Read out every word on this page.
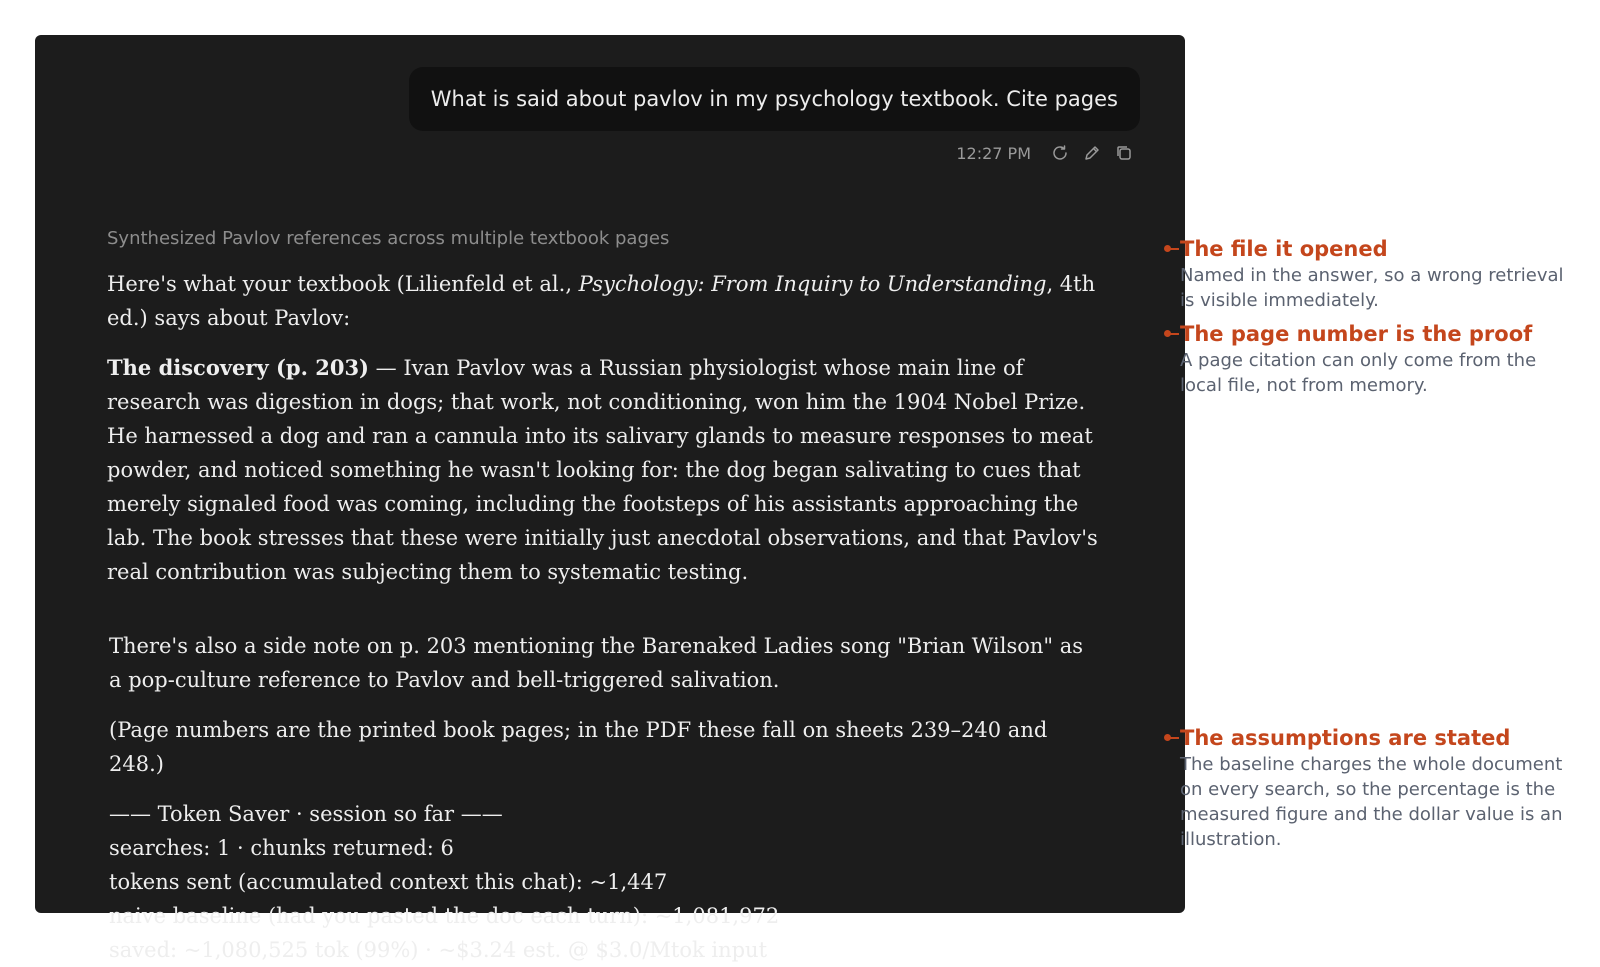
What is said about pavlov in my psychology textbook. Cite pages
12:27 PM
Synthesized Pavlov references across multiple textbook pages

Here's what your textbook (Lilienfeld et al., Psychology: From Inquiry to Understanding, 4th ed.) says about Pavlov:

The discovery (p. 203) — Ivan Pavlov was a Russian physiologist whose main line of research was digestion in dogs; that work, not conditioning, won him the 1904 Nobel Prize. He harnessed a dog and ran a cannula into its salivary glands to measure responses to meat powder, and noticed something he wasn't looking for: the dog began salivating to cues that merely signaled food was coming, including the footsteps of his assistants approaching the lab. The book stresses that these were initially just anecdotal observations, and that Pavlov's real contribution was subjecting them to systematic testing.

There's also a side note on p. 203 mentioning the Barenaked Ladies song "Brian Wilson" as a pop-culture reference to Pavlov and bell-triggered salivation.

(Page numbers are the printed book pages; in the PDF these fall on sheets 239–240 and 248.)

—— Token Saver · session so far ——
searches: 1 · chunks returned: 6
tokens sent (accumulated context this chat): ~1,447
naive baseline (had you pasted the doc each turn): ~1,081,972
saved: ~1,080,525 tok (99%) · ~$3.24 est. @ $3.0/Mtok input
The file it opened
Named in the answer, so a wrong retrieval is visible immediately.
The page number is the proof
A page citation can only come from the local file, not from memory.
The assumptions are stated
The baseline charges the whole document on every search, so the percentage is the measured figure and the dollar value is an illustration.
